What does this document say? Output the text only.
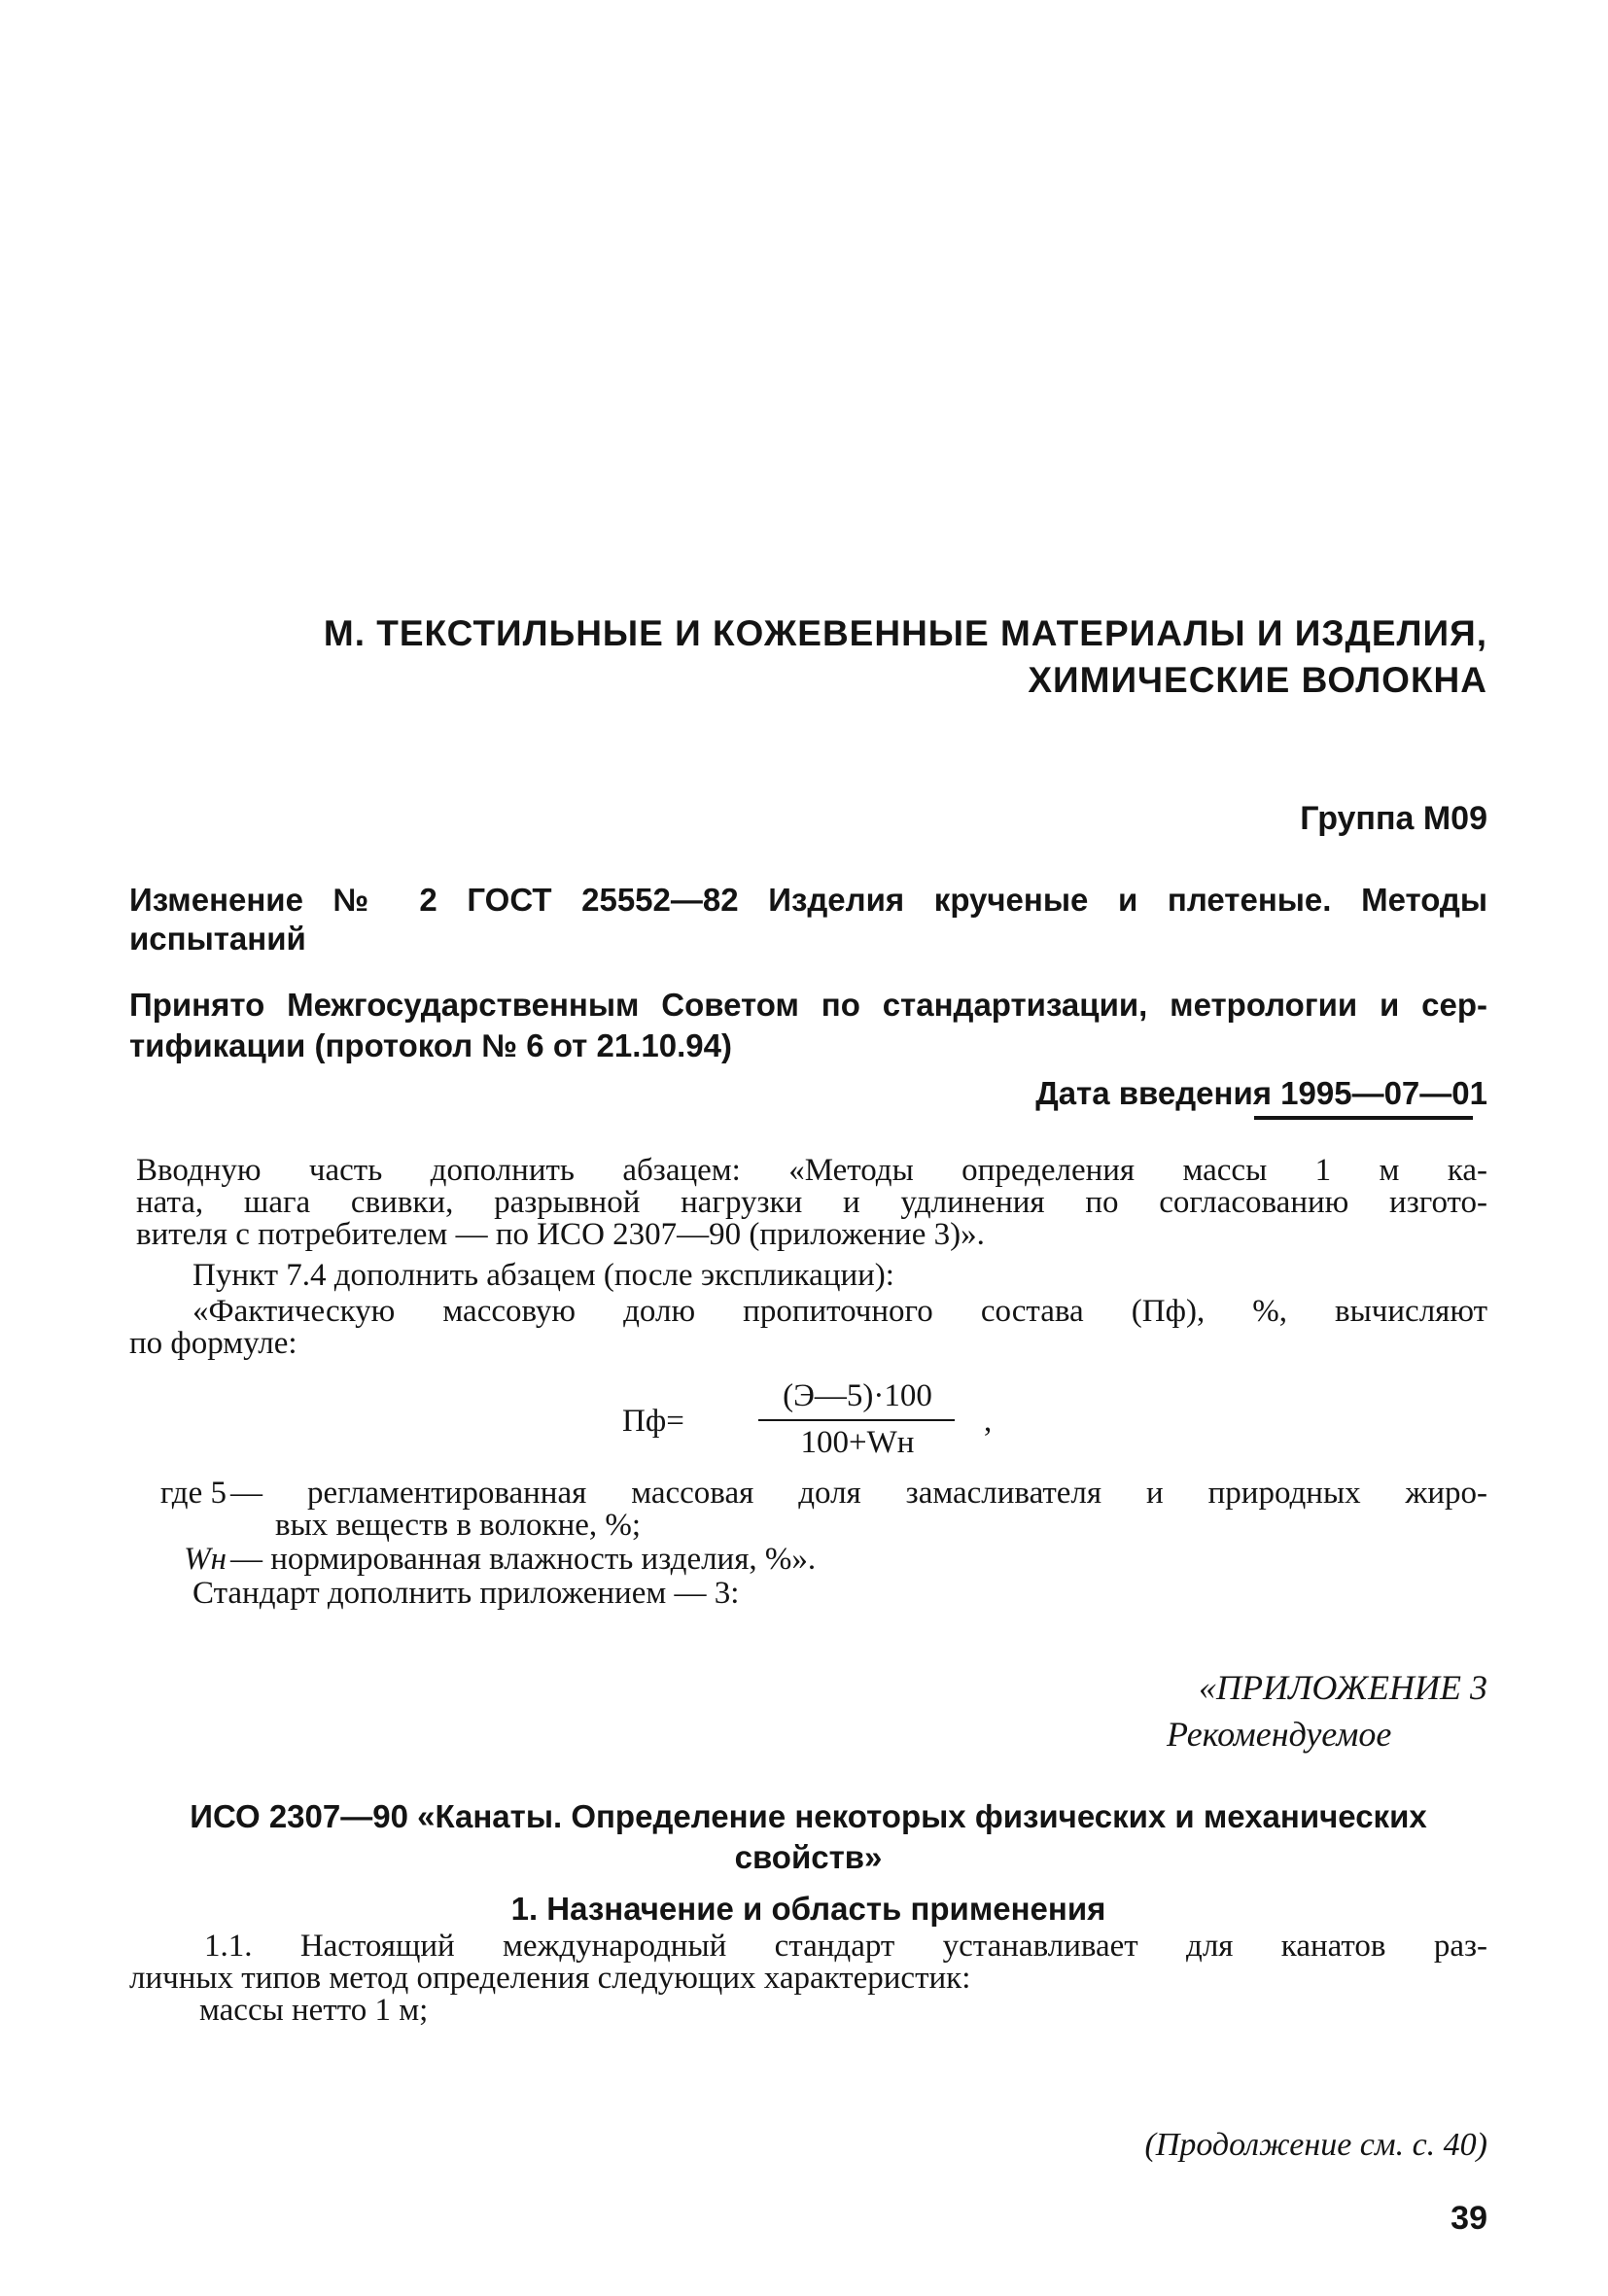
М. ТЕКСТИЛЬНЫЕ И КОЖЕВЕННЫЕ МАТЕРИАЛЫ И ИЗДЕЛИЯ,
ХИМИЧЕСКИЕ ВОЛОКНА
Группа М09
Изменение № 2 ГОСТ 25552—82 Изделия крученые и плетеные. Методы
испытаний
Принято Межгосударственным Советом по стандартизации, метрологии и сер-
тификации (протокол № 6 от 21.10.94)
Дата введения 1995—07—01
Вводную часть дополнить абзацем: «Методы определения массы 1 м ка-
ната, шага свивки, разрывной нагрузки и удлинения по согласованию изгото-
вителя с потребителем — по ИСО 2307—90 (приложение 3)».
Пункт 7.4 дополнить абзацем (после экспликации):
«Фактическую массовую долю пропиточного состава (Пф), %, вычисляют
по формуле:
Пф=
(Э—5)·100
100+Wн
,
где 5 — регламентированная массовая доля замасливателя и природных жиро-
вых веществ в волокне, %;
Wн — нормированная влажность изделия, %».
Стандарт дополнить приложением — 3:
«ПРИЛОЖЕНИЕ 3
Рекомендуемое
ИСО 2307—90 «Канаты. Определение некоторых физических и механических
свойств»
1. Назначение и область применения
1.1. Настоящий международный стандарт устанавливает для канатов раз-
личных типов метод определения следующих характеристик:
массы нетто 1 м;
(Продолжение см. с. 40)
39
